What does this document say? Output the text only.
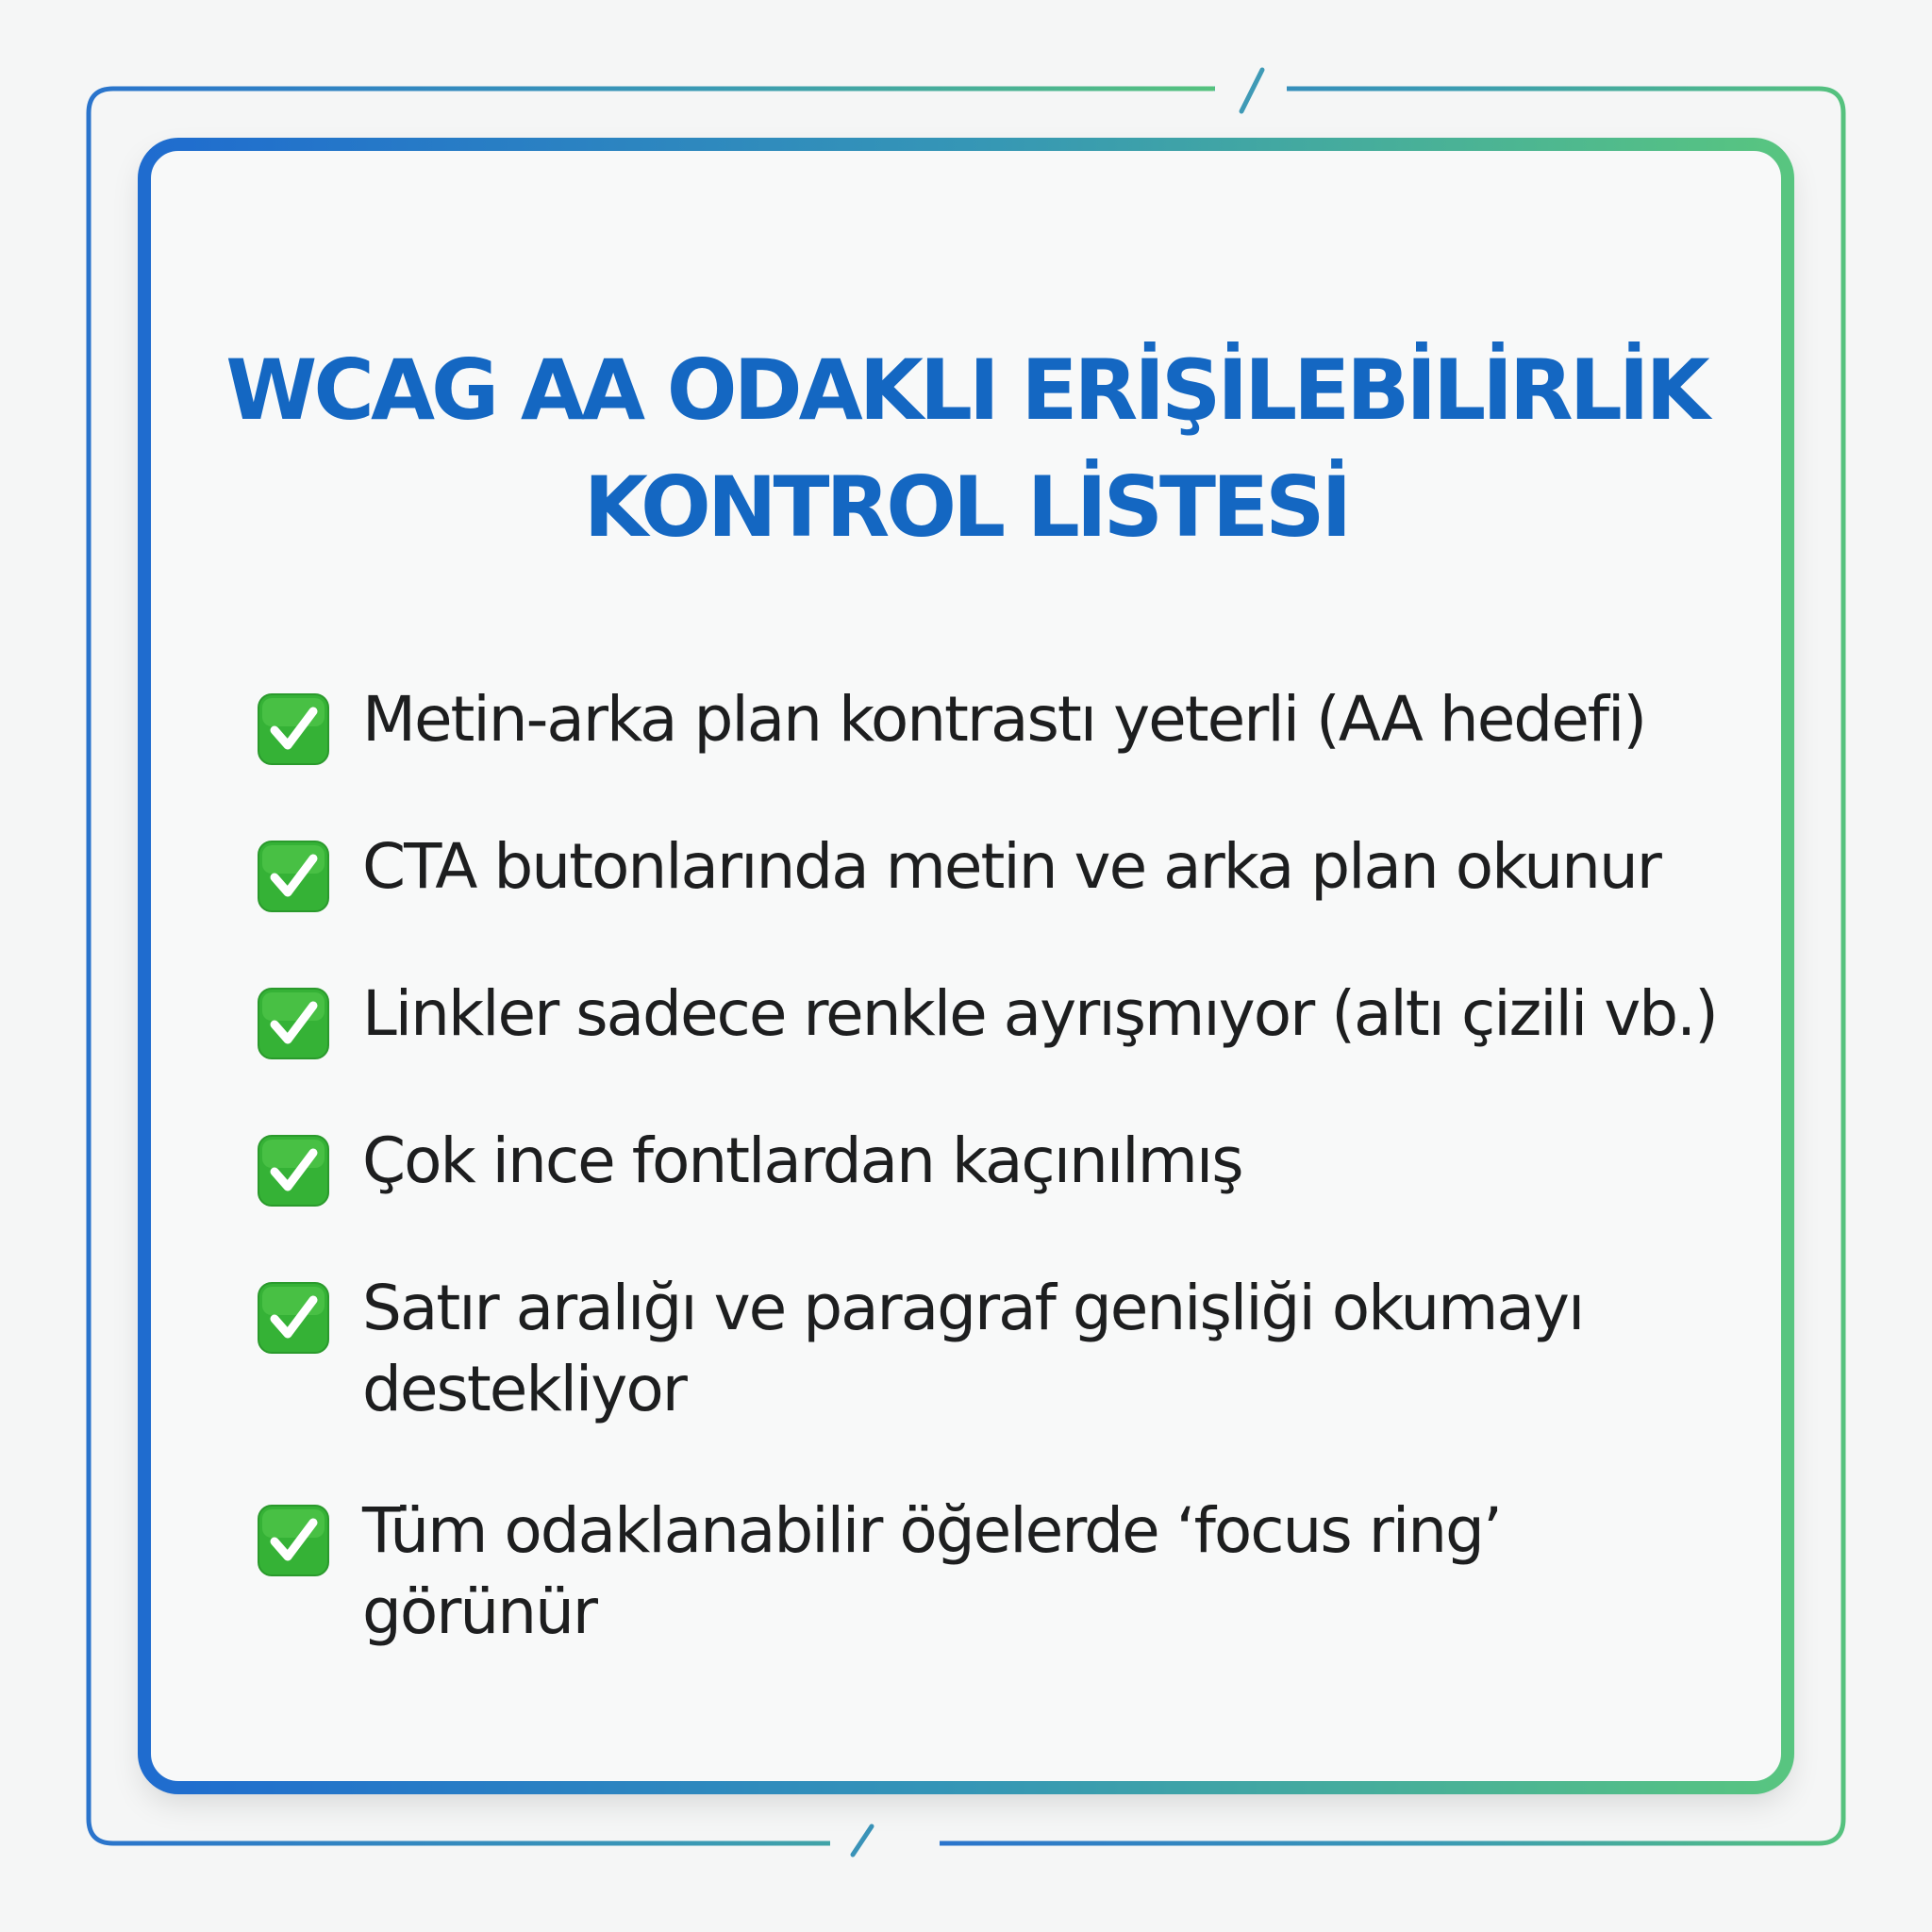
WCAG AA ODAKLI ERİŞİLEBİLİRLİK
KONTROL LİSTESİ
Metin-arka plan kontrastı yeterli (AA hedefi)
CTA butonlarında metin ve arka plan okunur
Linkler sadece renkle ayrışmıyor (altı çizili vb.)
Çok ince fontlardan kaçınılmış
Satır aralığı ve paragraf genişliği okumayı
destekliyor
Tüm odaklanabilir öğelerde ‘focus ring’
görünür
